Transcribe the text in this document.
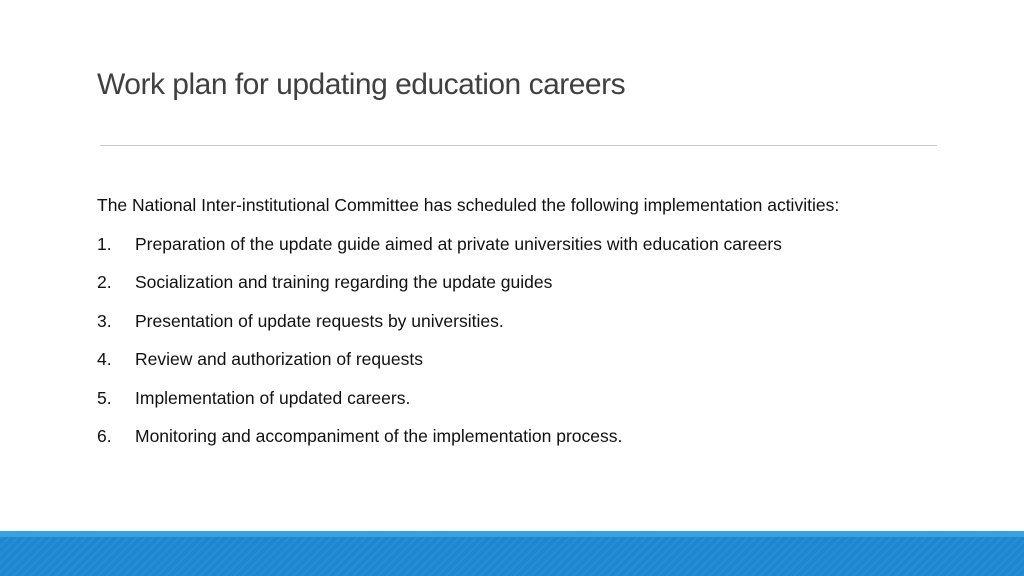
Work plan for updating education careers

The National Inter-institutional Committee has scheduled the following implementation activities:

1.	Preparation of the update guide aimed at private universities with education careers
2.	Socialization and training regarding the update guides
3.	Presentation of update requests by universities.
4.	Review and authorization of requests
5.	Implementation of updated careers.
6.	Monitoring and accompaniment of the implementation process.
